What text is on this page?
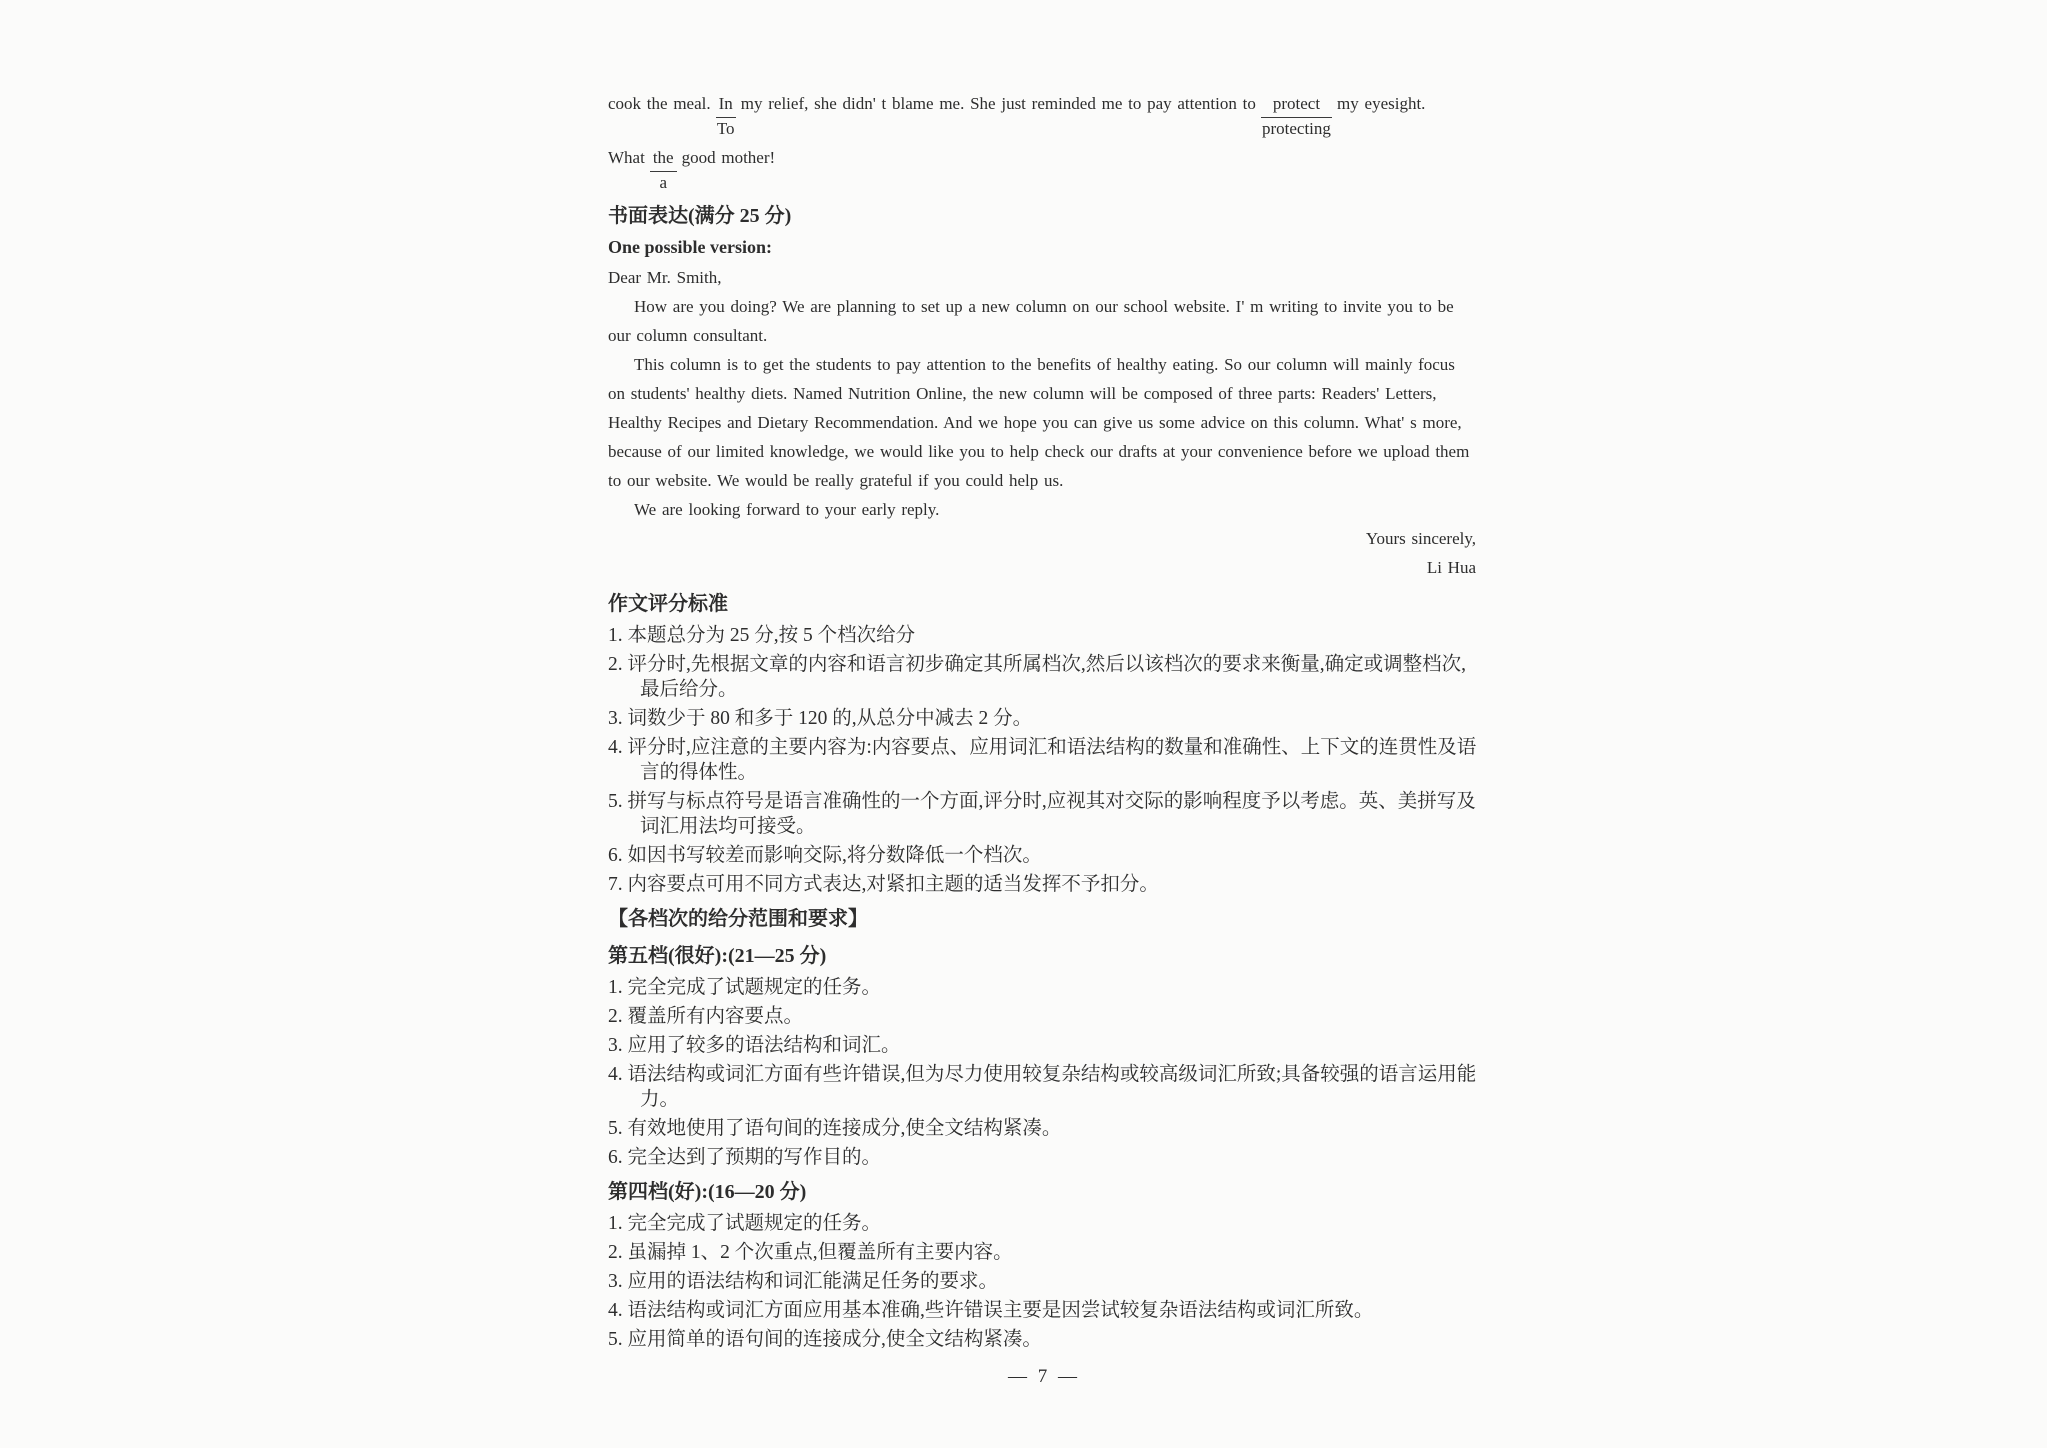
cook the meal. $\frac{In}{To}$ my relief, she didn' t blame me. She just reminded me to pay attention to protect
protecting
my eyesight.
What the
a
good mother!
书面表达(满分 25 分)
One possible version:
Dear Mr. Smith,
How are you doing? We are planning to set up a new column on our school website. I' m writing to invite you to be
our column consultant.
This column is to get the students to pay attention to the benefits of healthy eating. So our column will mainly focus
on students' healthy diets. Named Nutrition Online, the new column will be composed of three parts: Readers' Letters,
Healthy Recipes and Dietary Recommendation. And we hope you can give us some advice on this column. What' s more,
because of our limited knowledge, we would like you to help check our drafts at your convenience before we upload them
to our website. We would be really grateful if you could help us.
We are looking forward to your early reply.
Yours sincerely,
Li Hua
作文评分标准
1. 本题总分为 25 分,按 5 个档次给分
2. 评分时,先根据文章的内容和语言初步确定其所属档次,然后以该档次的要求来衡量,确定或调整档次,最后给分。
3. 词数少于 80 和多于 120 的,从总分中减去 2 分。
4. 评分时,应注意的主要内容为:内容要点、应用词汇和语法结构的数量和准确性、上下文的连贯性及语言的得体性。
5. 拼写与标点符号是语言准确性的一个方面,评分时,应视其对交际的影响程度予以考虑。英、美拼写及词汇用法均可接受。
6. 如因书写较差而影响交际,将分数降低一个档次。
7. 内容要点可用不同方式表达,对紧扣主题的适当发挥不予扣分。
【各档次的给分范围和要求】
第五档(很好):(21—25 分)
1. 完全完成了试题规定的任务。
2. 覆盖所有内容要点。
3. 应用了较多的语法结构和词汇。
4. 语法结构或词汇方面有些许错误,但为尽力使用较复杂结构或较高级词汇所致;具备较强的语言运用能力。
5. 有效地使用了语句间的连接成分,使全文结构紧凑。
6. 完全达到了预期的写作目的。
第四档(好):(16—20 分)
1. 完全完成了试题规定的任务。
2. 虽漏掉 1、2 个次重点,但覆盖所有主要内容。
3. 应用的语法结构和词汇能满足任务的要求。
4. 语法结构或词汇方面应用基本准确,些许错误主要是因尝试较复杂语法结构或词汇所致。
5. 应用简单的语句间的连接成分,使全文结构紧凑。
— 7 —
